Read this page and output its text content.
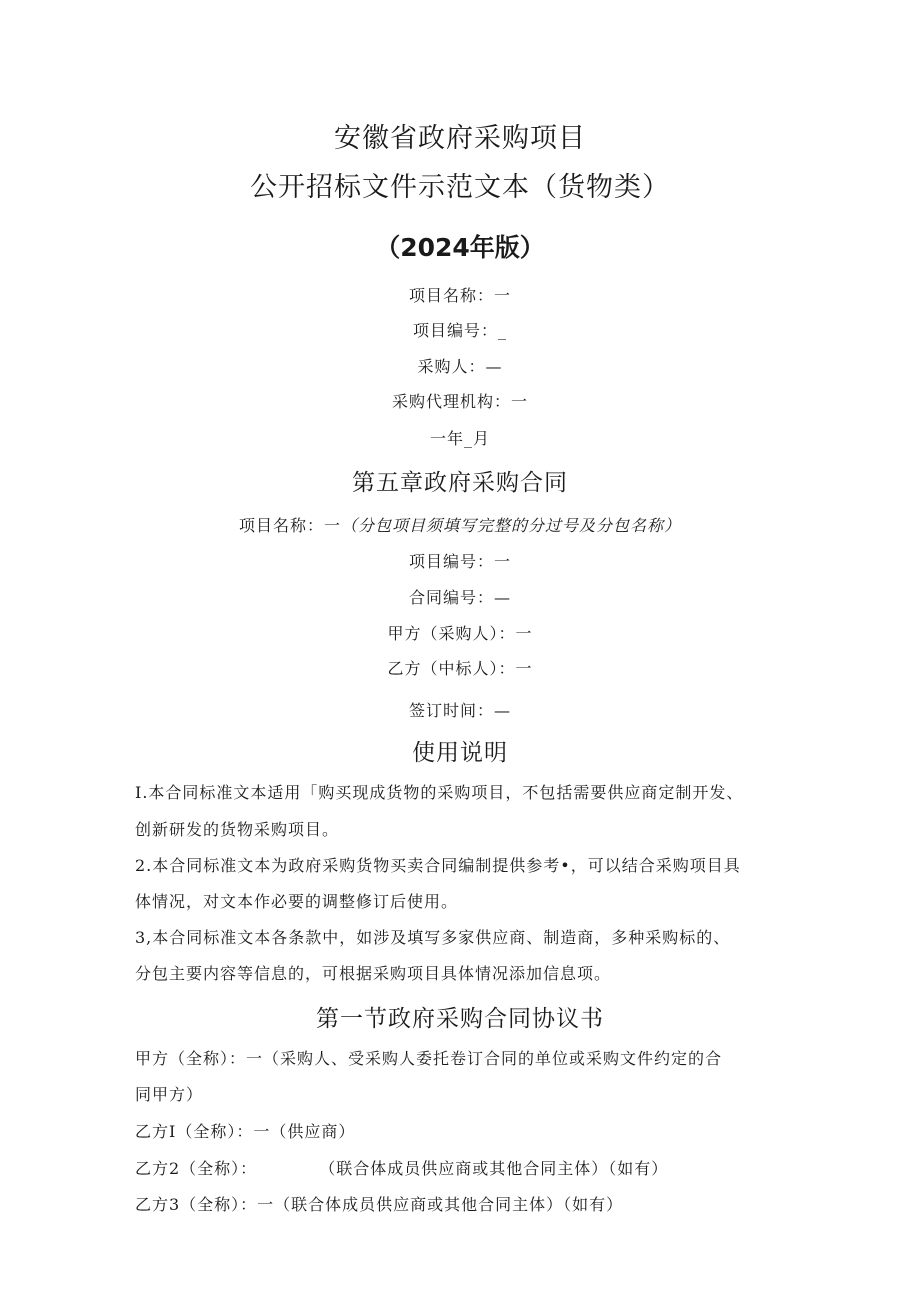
安徽省政府采购项目
公开招标文件示范文本（货物类）
（2024年版）
项目名称：一
项目编号：_
采购人：—
采购代理机构：一
一年_月
第五章政府采购合同
项目名称：一（分包项目须填写完整的分过号及分包名称）
项目编号：一
合同编号：—
甲方（采购人）：一
乙方（中标人）：一
签订时间：—
使用说明
I.本合同标准文本适用「购买现成货物的采购项目，不包括需要供应商定制开发、
创新研发的货物采购项目。
2.本合同标准文本为政府采购货物买卖合同编制提供参考•，可以结合采购项目具
体情况，对文本作必要的调整修订后使用。
3,本合同标准文本各条款中，如涉及填写多家供应商、制造商，多种采购标的、
分包主要内容等信息的，可根据采购项目具体情况添加信息项。
第一节政府采购合同协议书
甲方（全称）：一（采购人、受采购人委托卷订合同的单位或采购文件约定的合
同甲方）
乙方I（全称）：一（供应商）
乙方2（全称）：	（联合体成员供应商或其他合同主体）（如有）
乙方3（全称）：一（联合体成员供应商或其他合同主体）（如有）
